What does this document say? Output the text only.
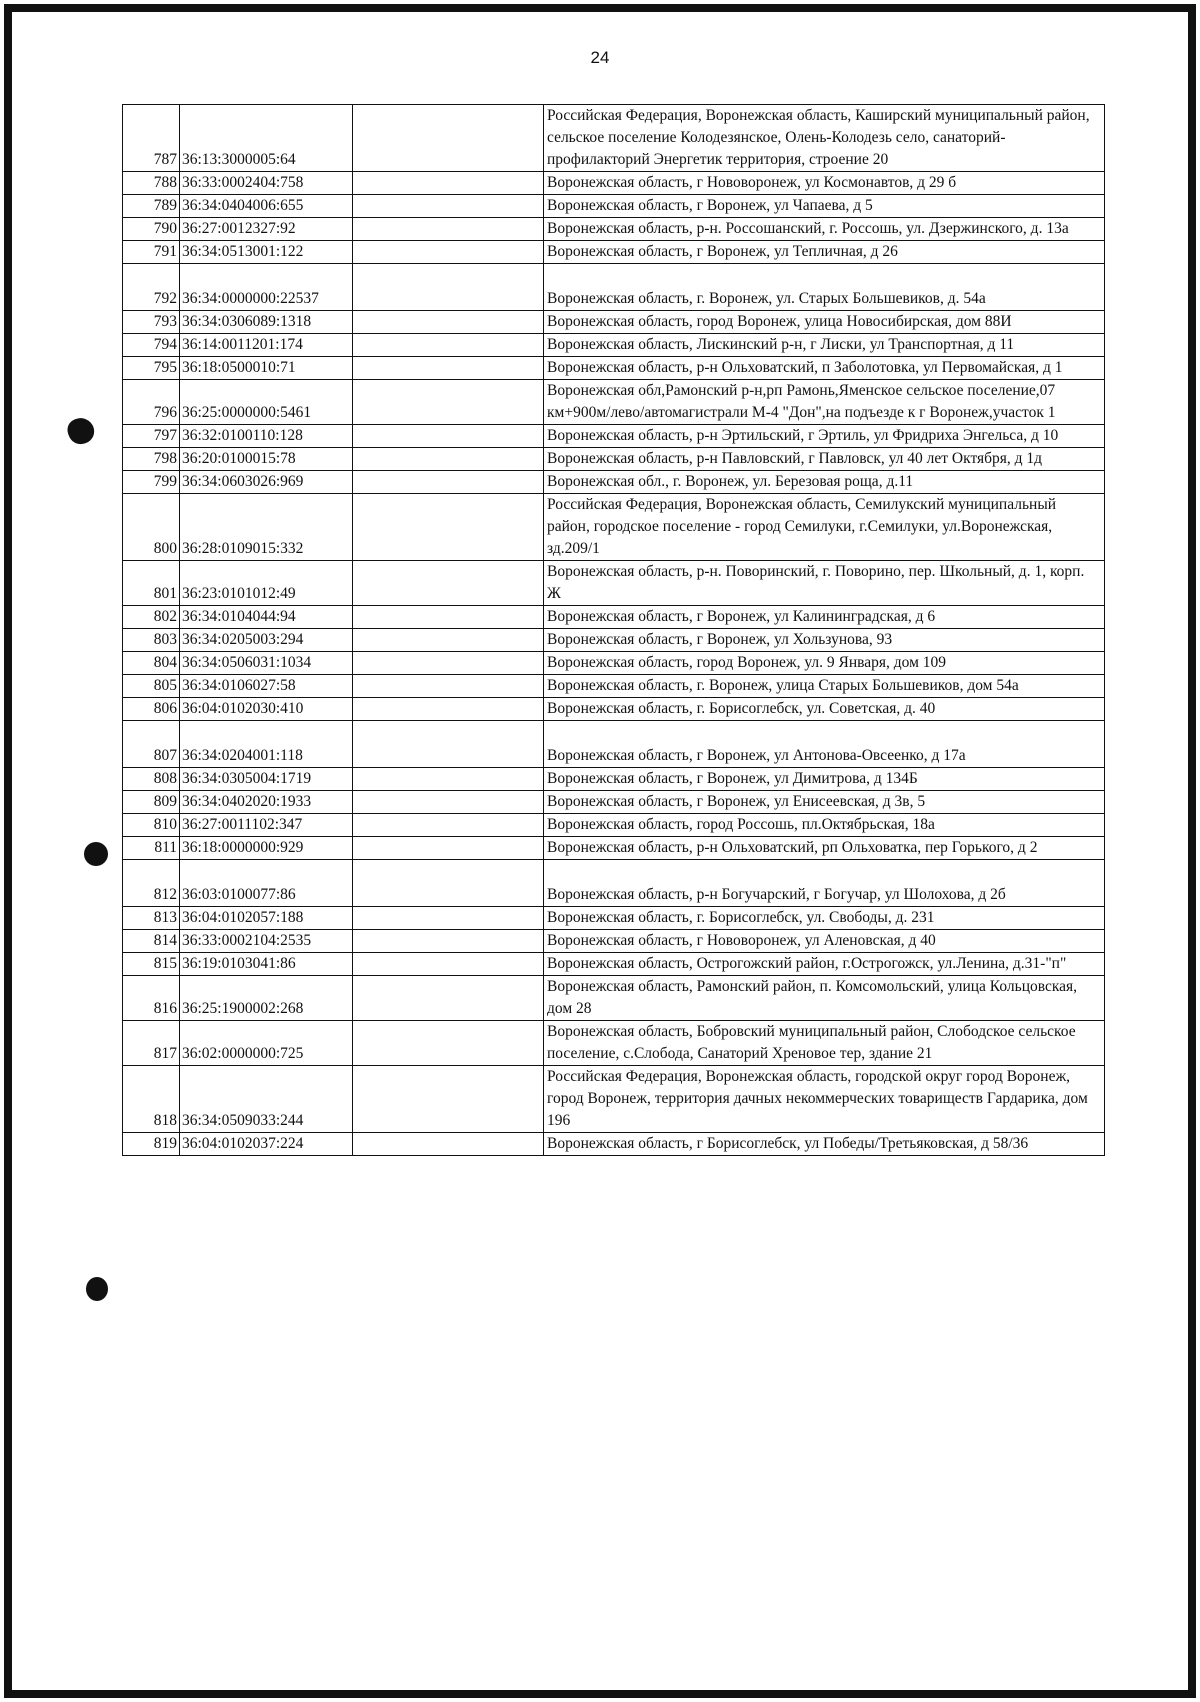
24
787	36:13:3000005:64		Российская Федерация, Воронежская область, Каширский муниципальный район, сельское поселение Колодезянское, Олень-Колодезь село, санаторий-профилакторий Энергетик территория, строение 20
788	36:33:0002404:758		Воронежская область, г Нововоронеж, ул Космонавтов, д 29 б
789	36:34:0404006:655		Воронежская область, г Воронеж, ул Чапаева, д 5
790	36:27:0012327:92		Воронежская область, р-н. Россошанский, г. Россошь, ул. Дзержинского, д. 13а
791	36:34:0513001:122		Воронежская область, г Воронеж, ул Тепличная, д 26
792	36:34:0000000:22537		Воронежская область, г. Воронеж, ул. Старых Большевиков, д. 54а
793	36:34:0306089:1318		Воронежская область, город Воронеж, улица Новосибирская, дом 88И
794	36:14:0011201:174		Воронежская область, Лискинский р-н, г Лиски, ул Транспортная, д 11
795	36:18:0500010:71		Воронежская область, р-н Ольховатский, п Заболотовка, ул Первомайская, д 1
796	36:25:0000000:5461		Воронежская обл,Рамонский р-н,рп Рамонь,Яменское сельское поселение,07 км+900м/лево/автомагистрали М-4 "Дон",на подъезде к г Воронеж,участок 1
797	36:32:0100110:128		Воронежская область, р-н Эртильский, г Эртиль, ул Фридриха Энгельса, д 10
798	36:20:0100015:78		Воронежская область, р-н Павловский, г Павловск, ул 40 лет Октября, д 1д
799	36:34:0603026:969		Воронежская обл., г. Воронеж, ул. Березовая роща, д.11
800	36:28:0109015:332		Российская Федерация, Воронежская область, Семилукский муниципальный район, городское поселение - город Семилуки, г.Семилуки, ул.Воронежская, зд.209/1
801	36:23:0101012:49		Воронежская область, р-н. Поворинский, г. Поворино, пер. Школьный, д. 1, корп. Ж
802	36:34:0104044:94		Воронежская область, г Воронеж, ул Калининградская, д 6
803	36:34:0205003:294		Воронежская область, г Воронеж, ул Хользунова, 93
804	36:34:0506031:1034		Воронежская область, город Воронеж, ул. 9 Января, дом 109
805	36:34:0106027:58		Воронежская область, г. Воронеж, улица Старых Большевиков, дом 54а
806	36:04:0102030:410		Воронежская область, г. Борисоглебск, ул. Советская, д. 40
807	36:34:0204001:118		Воронежская область, г Воронеж, ул Антонова-Овсеенко, д 17а
808	36:34:0305004:1719		Воронежская область, г Воронеж, ул Димитрова, д 134Б
809	36:34:0402020:1933		Воронежская область, г Воронеж, ул Енисеевская, д 3в, 5
810	36:27:0011102:347		Воронежская область, город Россошь, пл.Октябрьская, 18а
811	36:18:0000000:929		Воронежская область, р-н Ольховатский, рп Ольховатка, пер Горького, д 2
812	36:03:0100077:86		Воронежская область, р-н Богучарский, г Богучар, ул Шолохова, д 2б
813	36:04:0102057:188		Воронежская область, г. Борисоглебск, ул. Свободы, д. 231
814	36:33:0002104:2535		Воронежская область, г Нововоронеж, ул Аленовская, д 40
815	36:19:0103041:86		Воронежская область, Острогожский район, г.Острогожск, ул.Ленина, д.31-"п"
816	36:25:1900002:268		Воронежская область, Рамонский район, п. Комсомольский, улица Кольцовская, дом 28
817	36:02:0000000:725		Воронежская область, Бобровский муниципальный район, Слободское сельское поселение, с.Слобода, Санаторий Хреновое тер, здание 21
818	36:34:0509033:244		Российская Федерация, Воронежская область, городской округ город Воронеж, город Воронеж, территория дачных некоммерческих товариществ Гардарика, дом 196
819	36:04:0102037:224		Воронежская область, г Борисоглебск, ул Победы/Третьяковская, д 58/36
